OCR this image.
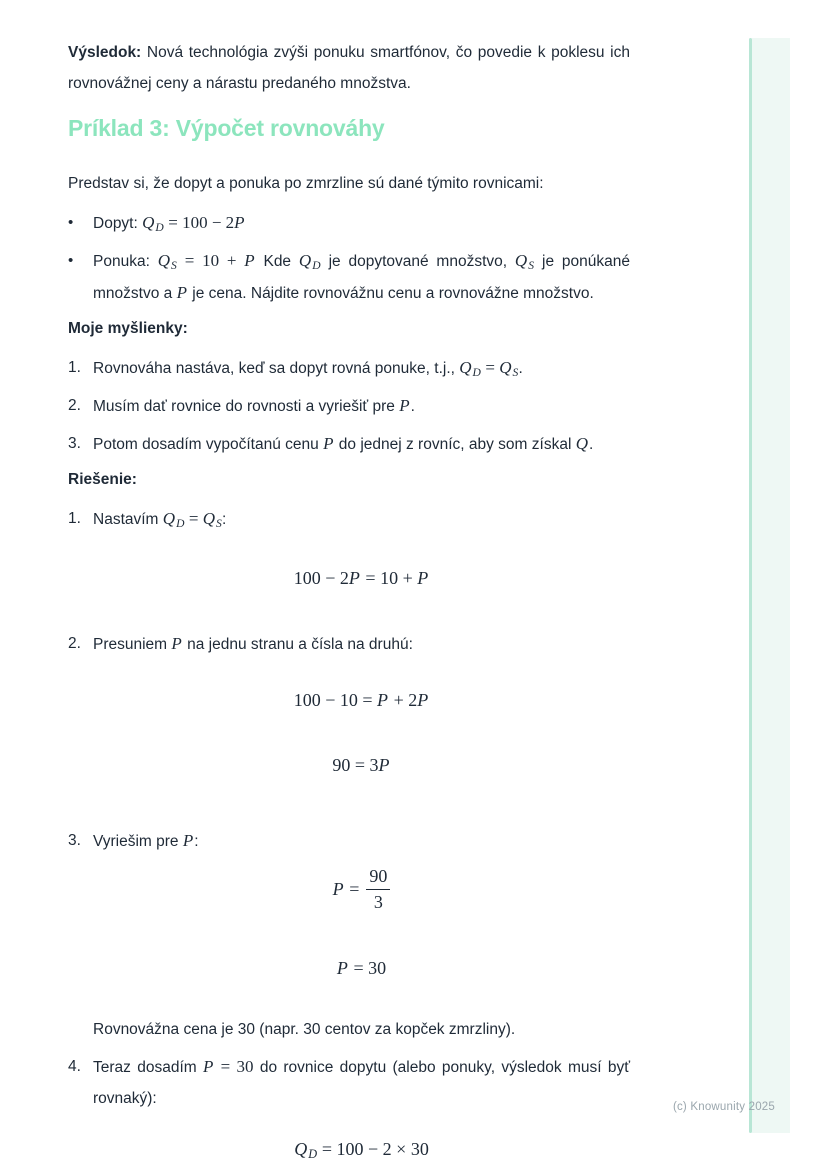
Výsledok: Nová technológia zvýši ponuku smartfónov, čo povedie k poklesu ich rovnovážnej ceny a nárastu predaného množstva.

Príklad 3: Výpočet rovnováhy

Predstav si, že dopyt a ponuka po zmrzline sú dané týmito rovnicami:

•	Dopyt: $Q_D = 100 - 2P$
•	Ponuka: $Q_S = 10 + P$ Kde $Q_D$ je dopytované množstvo, $Q_S$ je ponúkané množstvo a P je cena. Nájdite rovnovážnu cenu a rovnovážne množstvo.

Moje myšlienky:

1. Rovnováha nastáva, keď sa dopyt rovná ponuke, t.j., $Q_D = Q_S$.
2. Musím dať rovnice do rovnosti a vyriešiť pre P.
3. Potom dosadím vypočítanú cenu P do jednej z rovníc, aby som získal Q.

Riešenie:

1. Nastavím $Q_D = Q_S$:
100 − 2P = 10 + P
2. Presuniem P na jednu stranu a čísla na druhú:
100 − 10 = P + 2P
90 = 3P
3. Vyriešim pre P:
$P = \frac{90}{3}$
P = 30

Rovnovážna cena je 30 (napr. 30 centov za kopček zmrzliny).

4. Teraz dosadím P = 30 do rovnice dopytu (alebo ponuky, výsledok musí byť rovnaký):
$Q_D = 100 - 2 \times 30$
(c) Knowunity 2025
